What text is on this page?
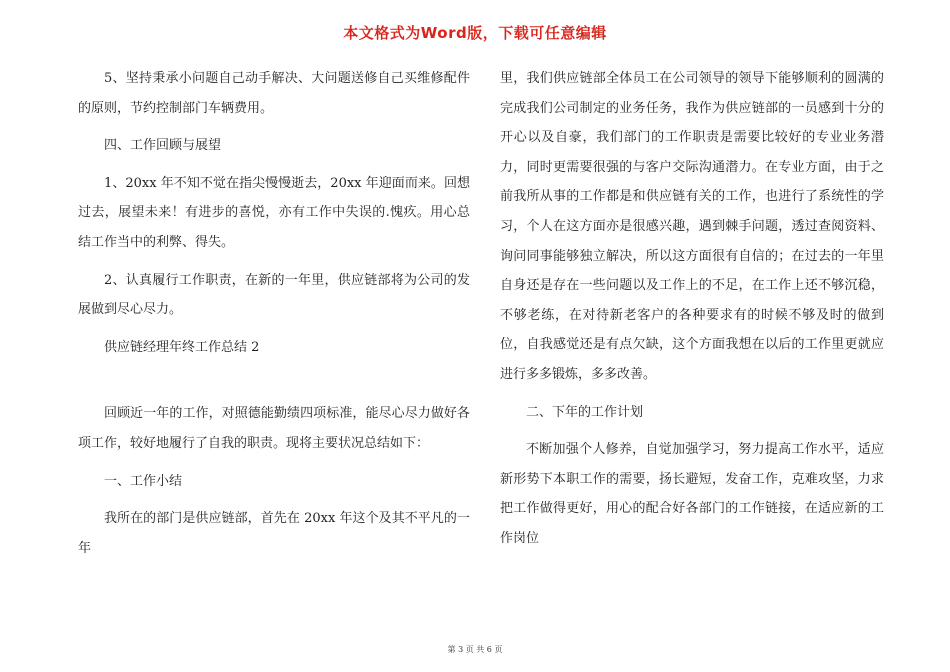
本文格式为Word版，下载可任意编辑

5、坚持秉承小问题自己动手解决、大问题送修自己买维修配件的原则，节约控制部门车辆费用。

四、工作回顾与展望

1、20xx 年不知不觉在指尖慢慢逝去，20xx 年迎面而来。回想过去，展望未来！有进步的喜悦，亦有工作中失误的.愧疚。用心总结工作当中的利弊、得失。

2、认真履行工作职责，在新的一年里，供应链部将为公司的发展做到尽心尽力。

供应链经理年终工作总结 2

回顾近一年的工作，对照德能勤绩四项标准，能尽心尽力做好各项工作，较好地履行了自我的职责。现将主要状况总结如下：

一、工作小结

我所在的部门是供应链部，首先在 20xx 年这个及其不平凡的一年

里，我们供应链部全体员工在公司领导的领导下能够顺利的圆满的完成我们公司制定的业务任务，我作为供应链部的一员感到十分的开心以及自豪，我们部门的工作职责是需要比较好的专业业务潜力，同时更需要很强的与客户交际沟通潜力。在专业方面，由于之前我所从事的工作都是和供应链有关的工作，也进行了系统性的学习，个人在这方面亦是很感兴趣，遇到棘手问题，透过查阅资料、询问同事能够独立解决，所以这方面很有自信的；在过去的一年里自身还是存在一些问题以及工作上的不足，在工作上还不够沉稳，不够老练，在对待新老客户的各种要求有的时候不够及时的做到位，自我感觉还是有点欠缺，这个方面我想在以后的工作里更就应进行多多锻炼，多多改善。

二、下年的工作计划

不断加强个人修养，自觉加强学习，努力提高工作水平，适应新形势下本职工作的需要，扬长避短，发奋工作，克难攻坚，力求把工作做得更好，用心的配合好各部门的工作链接，在适应新的工作岗位

第 3 页 共 6 页
